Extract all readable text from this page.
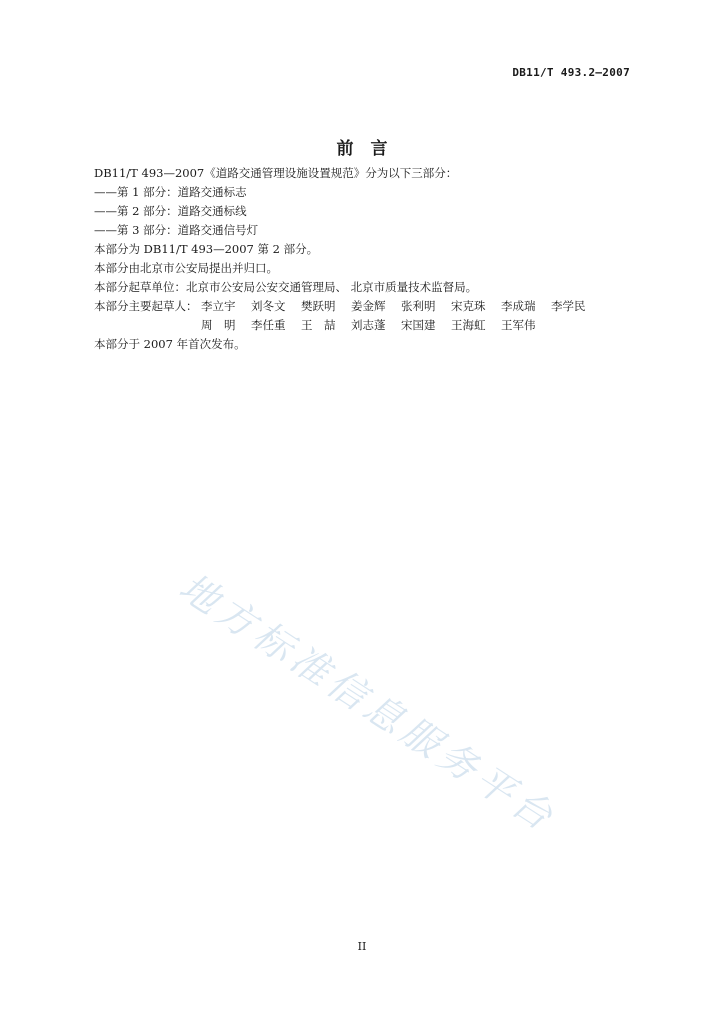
DB11/T 493.2—2007
前　言
DB11/T 493—2007《道路交通管理设施设置规范》分为以下三部分：
——第 1 部分：道路交通标志
——第 2 部分：道路交通标线
——第 3 部分：道路交通信号灯
本部分为 DB11/T 493—2007 第 2 部分。
本部分由北京市公安局提出并归口。
本部分起草单位：北京市公安局公安交通管理局、 北京市质量技术监督局。
本部分主要起草人： 李立宇	刘冬文	樊跃明	姜金辉	张利明	宋克珠	李成瑞	李学民
周　明	李任重	王　喆	刘志蓬	宋国建	王海虹	王军伟
本部分于 2007 年首次发布。
地方标准信息服务平台
II
